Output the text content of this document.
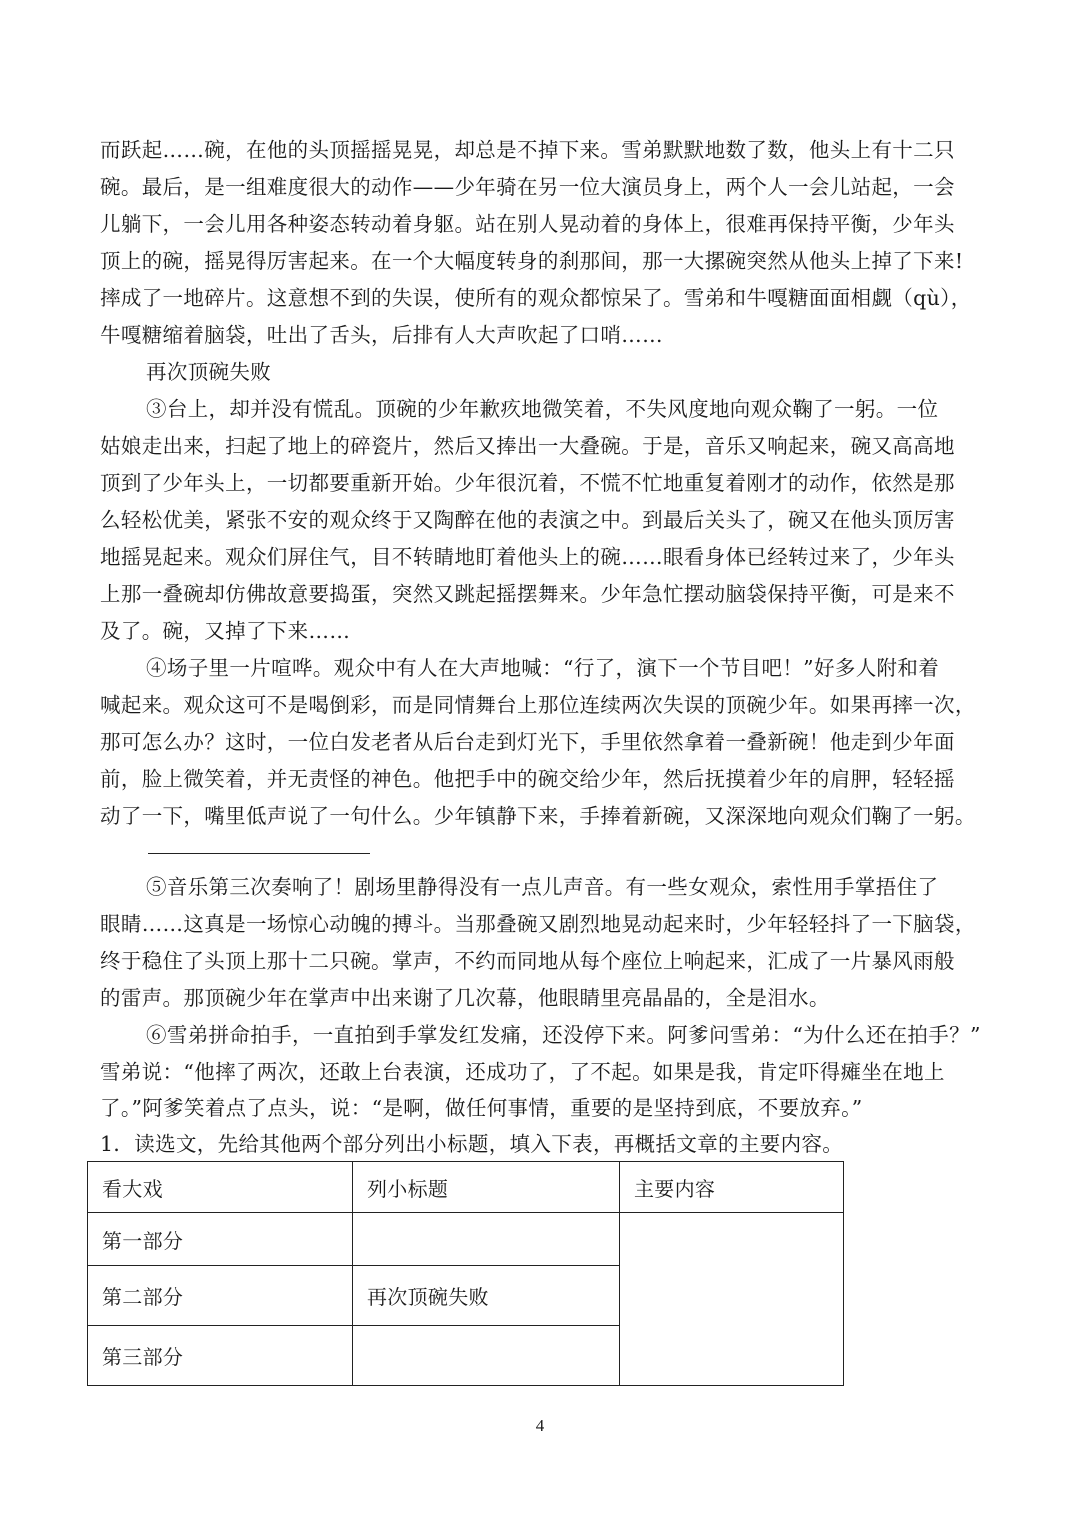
而跃起……碗，在他的头顶摇摇晃晃，却总是不掉下来。雪弟默默地数了数，他头上有十二只
碗。最后，是一组难度很大的动作——少年骑在另一位大演员身上，两个人一会儿站起，一会
儿躺下，一会儿用各种姿态转动着身躯。站在别人晃动着的身体上，很难再保持平衡，少年头
顶上的碗，摇晃得厉害起来。在一个大幅度转身的刹那间，那一大摞碗突然从他头上掉了下来!
摔成了一地碎片。这意想不到的失误，使所有的观众都惊呆了。雪弟和牛嘎糖面面相觑（qù），
牛嘎糖缩着脑袋，吐出了舌头，后排有人大声吹起了口哨……
再次顶碗失败
③台上，却并没有慌乱。顶碗的少年歉疚地微笑着，不失风度地向观众鞠了一躬。一位
姑娘走出来，扫起了地上的碎瓷片，然后又捧出一大叠碗。于是，音乐又响起来，碗又高高地
顶到了少年头上，一切都要重新开始。少年很沉着，不慌不忙地重复着刚才的动作，依然是那
么轻松优美，紧张不安的观众终于又陶醉在他的表演之中。到最后关头了，碗又在他头顶厉害
地摇晃起来。观众们屏住气，目不转睛地盯着他头上的碗……眼看身体已经转过来了，少年头
上那一叠碗却仿佛故意要捣蛋，突然又跳起摇摆舞来。少年急忙摆动脑袋保持平衡，可是来不
及了。碗，又掉了下来……
④场子里一片喧哗。观众中有人在大声地喊：“行了，演下一个节目吧！”好多人附和着
喊起来。观众这可不是喝倒彩，而是同情舞台上那位连续两次失误的顶碗少年。如果再摔一次，
那可怎么办？这时，一位白发老者从后台走到灯光下，手里依然拿着一叠新碗！他走到少年面
前，脸上微笑着，并无责怪的神色。他把手中的碗交给少年，然后抚摸着少年的肩胛，轻轻摇
动了一下，嘴里低声说了一句什么。少年镇静下来，手捧着新碗，又深深地向观众们鞠了一躬。
⑤音乐第三次奏响了！剧场里静得没有一点儿声音。有一些女观众，索性用手掌捂住了
眼睛……这真是一场惊心动魄的搏斗。当那叠碗又剧烈地晃动起来时，少年轻轻抖了一下脑袋，
终于稳住了头顶上那十二只碗。掌声，不约而同地从每个座位上响起来，汇成了一片暴风雨般
的雷声。那顶碗少年在掌声中出来谢了几次幕，他眼睛里亮晶晶的，全是泪水。
⑥雪弟拼命拍手，一直拍到手掌发红发痛，还没停下来。阿爹问雪弟：“为什么还在拍手？”
雪弟说：“他摔了两次，还敢上台表演，还成功了，了不起。如果是我，肯定吓得瘫坐在地上
了。”阿爹笑着点了点头，说：“是啊，做任何事情，重要的是坚持到底，不要放弃。”
1．读选文，先给其他两个部分列出小标题，填入下表，再概括文章的主要内容。
看大戏	列小标题	主要内容
第一部分		
第二部分	再次顶碗失败	
第三部分		
4
